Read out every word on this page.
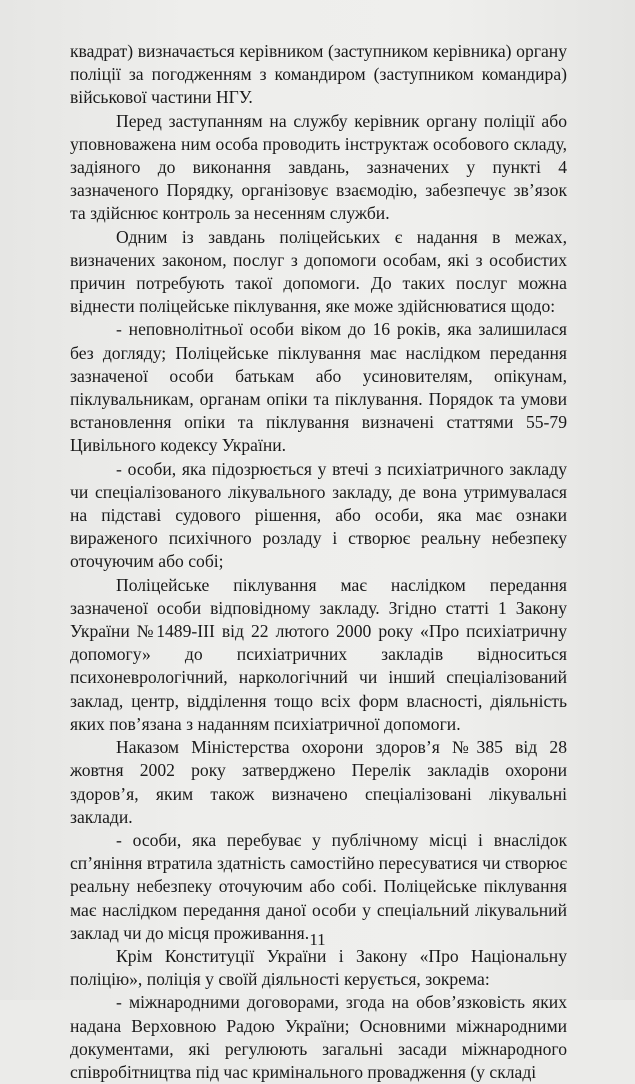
квадрат) визначається керівником (заступником керівника) органу поліції за погодженням з командиром (заступником командира) військової частини НГУ.

Перед заступанням на службу керівник органу поліції або уповноважена ним особа проводить інструктаж особового складу, задіяного до виконання завдань, зазначених у пункті 4 зазначеного Порядку, організовує взаємодію, забезпечує зв’язок та здійснює контроль за несенням служби.

Одним із завдань поліцейських є надання в межах, визначених законом, послуг з допомоги особам, які з особистих причин потребують такої допомоги. До таких послуг можна віднести поліцейське піклування, яке може здійснюватися щодо:

- неповнолітньої особи віком до 16 років, яка залишилася без догляду; Поліцейське піклування має наслідком передання зазначеної особи батькам або усиновителям, опікунам, піклувальникам, органам опіки та піклування. Порядок та умови встановлення опіки та піклування визначені статтями 55-79 Цивільного кодексу України.

- особи, яка підозрюється у втечі з психіатричного закладу чи спеціалізованого лікувального закладу, де вона утримувалася на підставі судового рішення, або особи, яка має ознаки вираженого психічного розладу і створює реальну небезпеку оточуючим або собі;

Поліцейське піклування має наслідком передання зазначеної особи відповідному закладу. Згідно статті 1 Закону України №1489-III від 22 лютого 2000 року «Про психіатричну допомогу» до психіатричних закладів відноситься психоневрологічний, наркологічний чи інший спеціалізований заклад, центр, відділення тощо всіх форм власності, діяльність яких пов’язана з наданням психіатричної допомоги.

Наказом Міністерства охорони здоров’я №385 від 28 жовтня 2002 року затверджено Перелік закладів охорони здоров’я, яким також визначено спеціалізовані лікувальні заклади.

- особи, яка перебуває у публічному місці і внаслідок сп’яніння втратила здатність самостійно пересуватися чи створює реальну небезпеку оточуючим або собі. Поліцейське піклування має наслідком передання даної особи у спеціальний лікувальний заклад чи до місця проживання.

Крім Конституції України і Закону «Про Національну поліцію», поліція у своїй діяльності керується, зокрема:

- міжнародними договорами, згода на обов’язковість яких надана Верховною Радою України; Основними міжнародними документами, які регулюють загальні засади міжнародного співробітництва під час кримінального провадження (у складі

11
